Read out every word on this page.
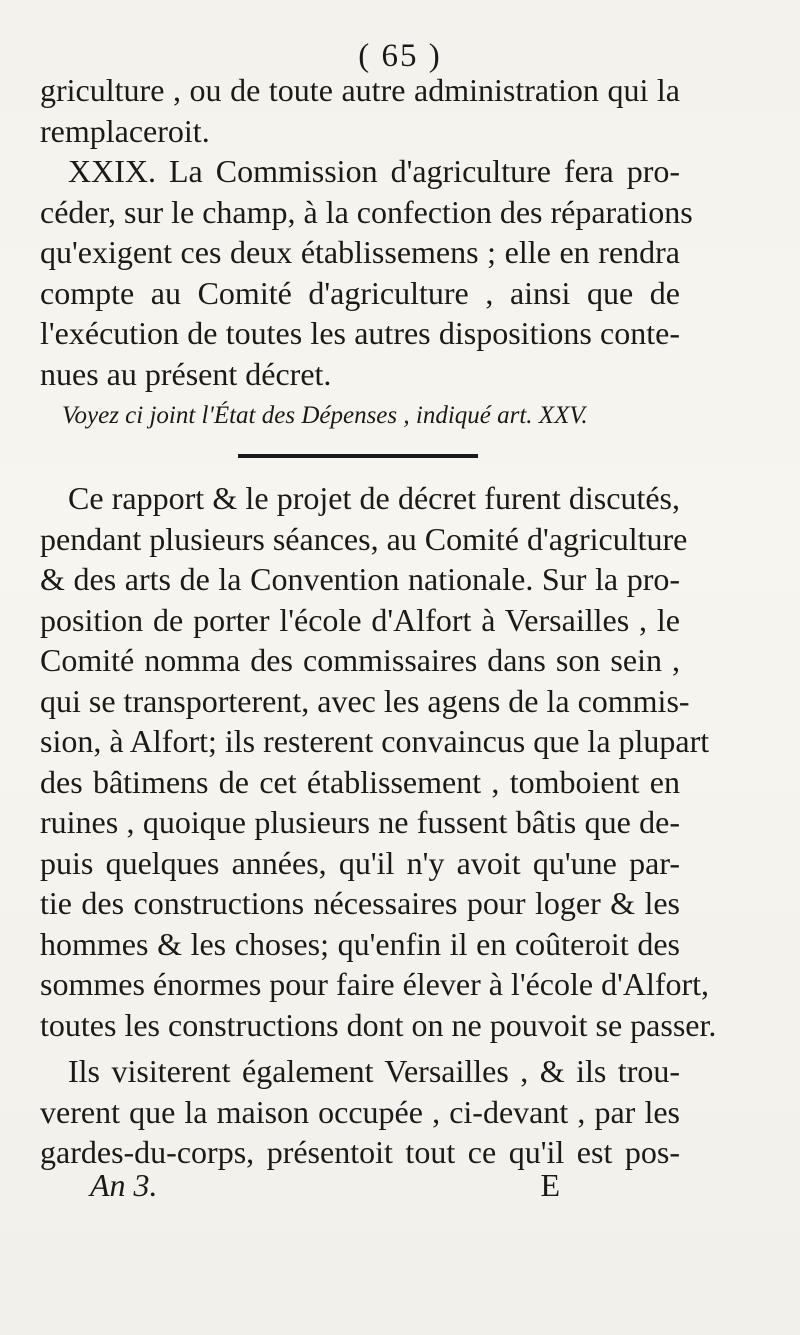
( 65 )
griculture , ou de toute autre administration qui la
remplaceroit.
XXIX. La Commission d'agriculture fera pro-
céder, sur le champ, à la confection des réparations
qu'exigent ces deux établissemens ; elle en rendra
compte au Comité d'agriculture , ainsi que de
l'exécution de toutes les autres dispositions conte-
nues au présent décret.
Voyez ci joint l'État des Dépenses , indiqué art. XXV.
Ce rapport & le projet de décret furent discutés,
pendant plusieurs séances, au Comité d'agriculture
& des arts de la Convention nationale. Sur la pro-
position de porter l'école d'Alfort à Versailles , le
Comité nomma des commissaires dans son sein ,
qui se transporterent, avec les agens de la commis-
sion, à Alfort; ils resterent convaincus que la plupart
des bâtimens de cet établissement , tomboient en
ruines , quoique plusieurs ne fussent bâtis que de-
puis quelques années, qu'il n'y avoit qu'une par-
tie des constructions nécessaires pour loger & les
hommes & les choses; qu'enfin il en coûteroit des
sommes énormes pour faire élever à l'école d'Alfort,
toutes les constructions dont on ne pouvoit se passer.
Ils visiterent également Versailles , & ils trou-
verent que la maison occupée , ci-devant , par les
gardes-du-corps, présentoit tout ce qu'il est pos-
An 3.	E
